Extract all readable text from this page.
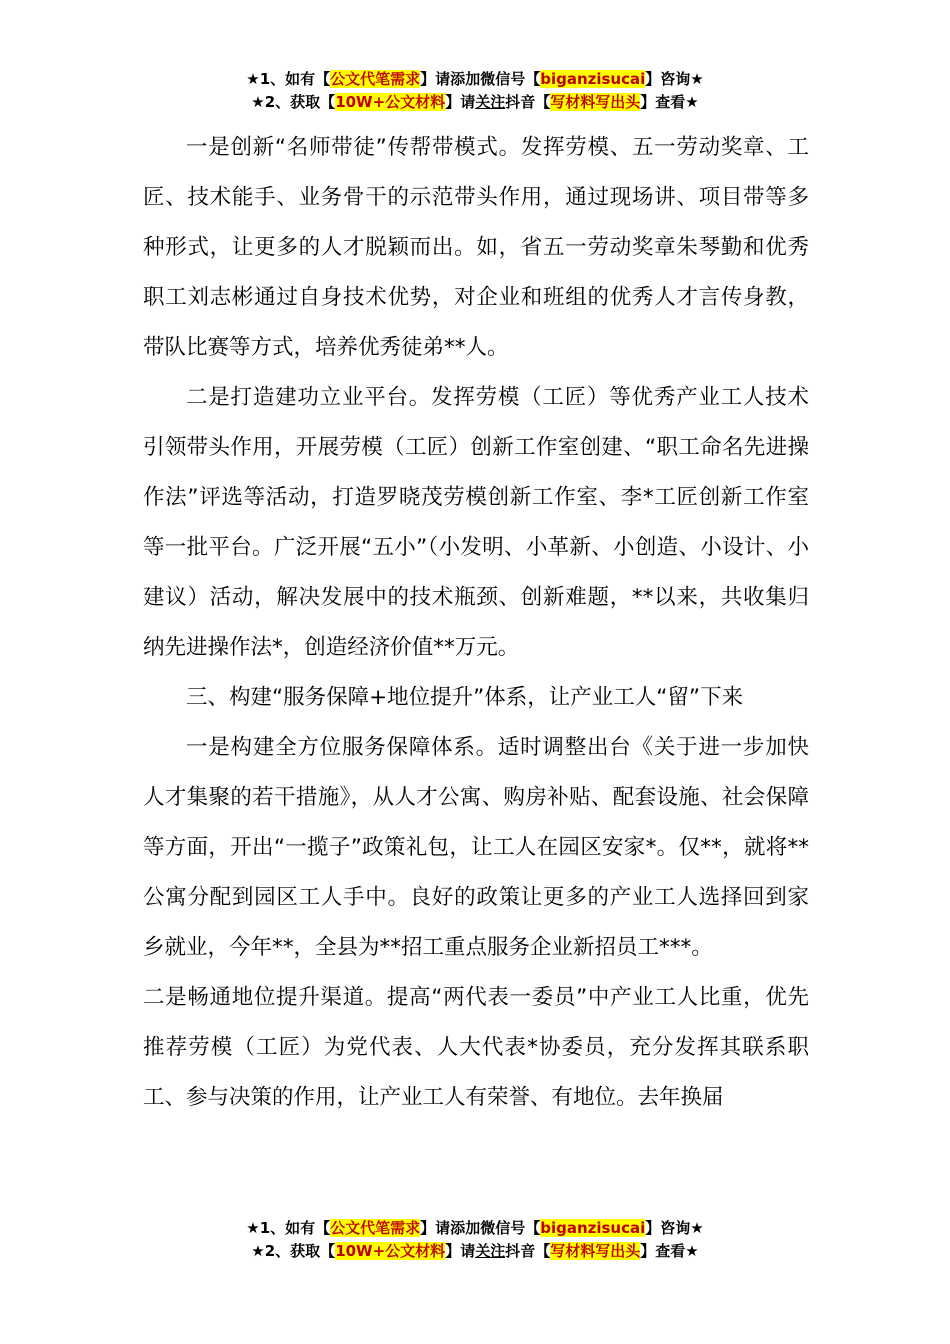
★1、如有【公文代笔需求】请添加微信号【biganzisucai】咨询★
★2、获取【10W+公文材料】请关注抖音【写材料写出头】查看★

一是创新“名师带徒”传帮带模式。发挥劳模、五一劳动奖章、工匠、技术能手、业务骨干的示范带头作用，通过现场讲、项目带等多种形式，让更多的人才脱颖而出。如，省五一劳动奖章朱琴勤和优秀职工刘志彬通过自身技术优势，对企业和班组的优秀人才言传身教，带队比赛等方式，培养优秀徒弟**人。

二是打造建功立业平台。发挥劳模（工匠）等优秀产业工人技术引领带头作用，开展劳模（工匠）创新工作室创建、“职工命名先进操作法”评选等活动，打造罗晓茂劳模创新工作室、李*工匠创新工作室等一批平台。广泛开展“五小”（小发明、小革新、小创造、小设计、小建议）活动，解决发展中的技术瓶颈、创新难题，**以来，共收集归纳先进操作法*，创造经济价值**万元。

三、构建“服务保障+地位提升”体系，让产业工人“留”下来

一是构建全方位服务保障体系。适时调整出台《关于进一步加快人才集聚的若干措施》，从人才公寓、购房补贴、配套设施、社会保障等方面，开出“一揽子”政策礼包，让工人在园区安家*。仅**，就将**公寓分配到园区工人手中。良好的政策让更多的产业工人选择回到家乡就业，今年**，全县为**招工重点服务企业新招员工***。

二是畅通地位提升渠道。提高“两代表一委员”中产业工人比重，优先推荐劳模（工匠）为党代表、人大代表*协委员，充分发挥其联系职工、参与决策的作用，让产业工人有荣誉、有地位。去年换届

★1、如有【公文代笔需求】请添加微信号【biganzisucai】咨询★
★2、获取【10W+公文材料】请关注抖音【写材料写出头】查看★
